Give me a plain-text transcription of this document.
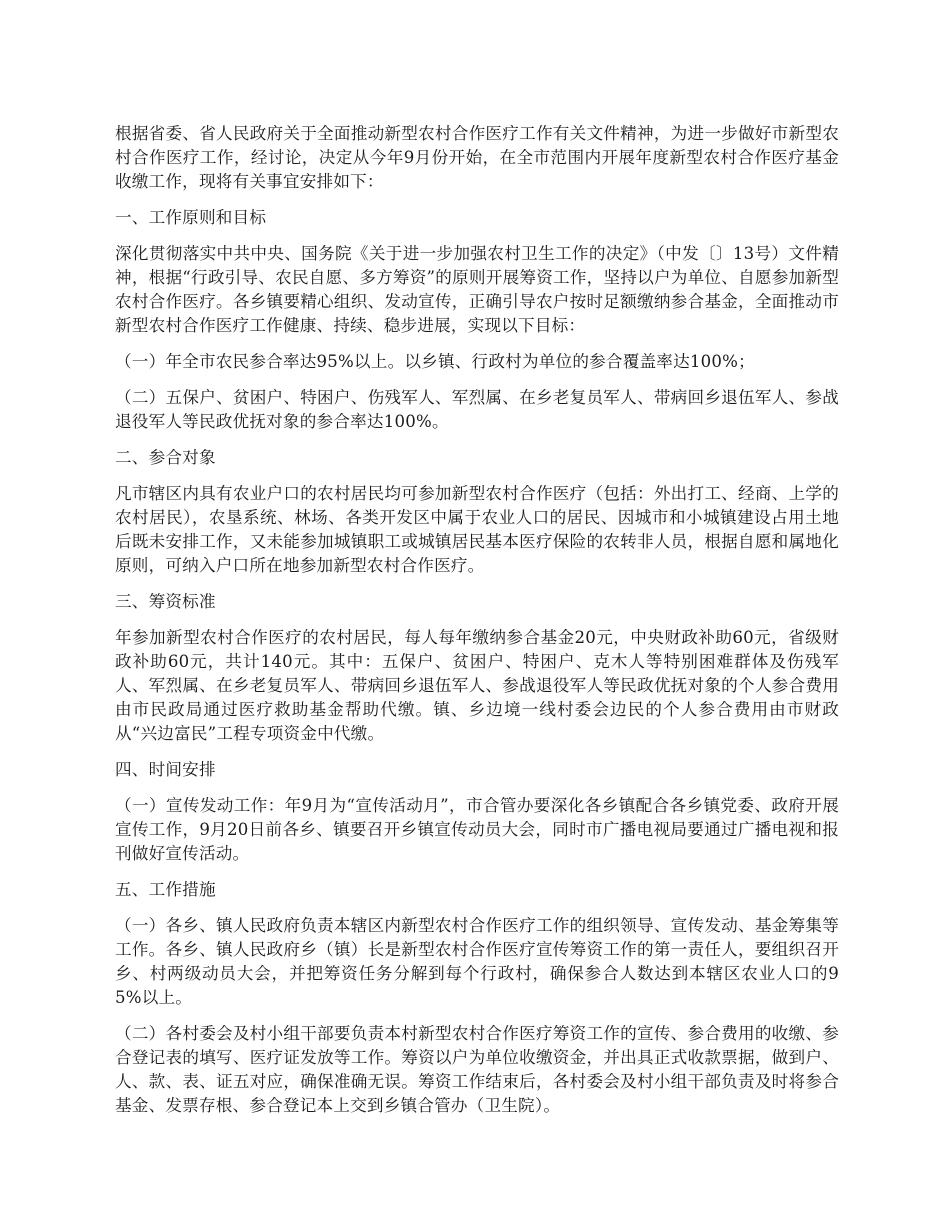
根据省委、省人民政府关于全面推动新型农村合作医疗工作有关文件精神，为进一步做好市新型农村合作医疗工作，经讨论，决定从今年9月份开始，在全市范围内开展年度新型农村合作医疗基金收缴工作，现将有关事宜安排如下：

一、工作原则和目标

深化贯彻落实中共中央、国务院《关于进一步加强农村卫生工作的决定》（中发〔〕13号）文件精神，根据“行政引导、农民自愿、多方筹资”的原则开展筹资工作，坚持以户为单位、自愿参加新型农村合作医疗。各乡镇要精心组织、发动宣传，正确引导农户按时足额缴纳参合基金，全面推动市新型农村合作医疗工作健康、持续、稳步进展，实现以下目标：

（一）年全市农民参合率达95%以上。以乡镇、行政村为单位的参合覆盖率达100%；

（二）五保户、贫困户、特困户、伤残军人、军烈属、在乡老复员军人、带病回乡退伍军人、参战退役军人等民政优抚对象的参合率达100%。

二、参合对象

凡市辖区内具有农业户口的农村居民均可参加新型农村合作医疗（包括：外出打工、经商、上学的农村居民），农垦系统、林场、各类开发区中属于农业人口的居民、因城市和小城镇建设占用土地后既未安排工作，又未能参加城镇职工或城镇居民基本医疗保险的农转非人员，根据自愿和属地化原则，可纳入户口所在地参加新型农村合作医疗。

三、筹资标准

年参加新型农村合作医疗的农村居民，每人每年缴纳参合基金20元，中央财政补助60元，省级财政补助60元，共计140元。其中：五保户、贫困户、特困户、克木人等特别困难群体及伤残军人、军烈属、在乡老复员军人、带病回乡退伍军人、参战退役军人等民政优抚对象的个人参合费用由市民政局通过医疗救助基金帮助代缴。镇、乡边境一线村委会边民的个人参合费用由市财政从“兴边富民”工程专项资金中代缴。

四、时间安排

（一）宣传发动工作：年9月为“宣传活动月”，市合管办要深化各乡镇配合各乡镇党委、政府开展宣传工作，9月20日前各乡、镇要召开乡镇宣传动员大会，同时市广播电视局要通过广播电视和报刊做好宣传活动。

五、工作措施

（一）各乡、镇人民政府负责本辖区内新型农村合作医疗工作的组织领导、宣传发动、基金筹集等工作。各乡、镇人民政府乡（镇）长是新型农村合作医疗宣传筹资工作的第一责任人，要组织召开乡、村两级动员大会，并把筹资任务分解到每个行政村，确保参合人数达到本辖区农业人口的95%以上。

（二）各村委会及村小组干部要负责本村新型农村合作医疗筹资工作的宣传、参合费用的收缴、参合登记表的填写、医疗证发放等工作。筹资以户为单位收缴资金，并出具正式收款票据，做到户、人、款、表、证五对应，确保准确无误。筹资工作结束后，各村委会及村小组干部负责及时将参合基金、发票存根、参合登记本上交到乡镇合管办（卫生院）。
